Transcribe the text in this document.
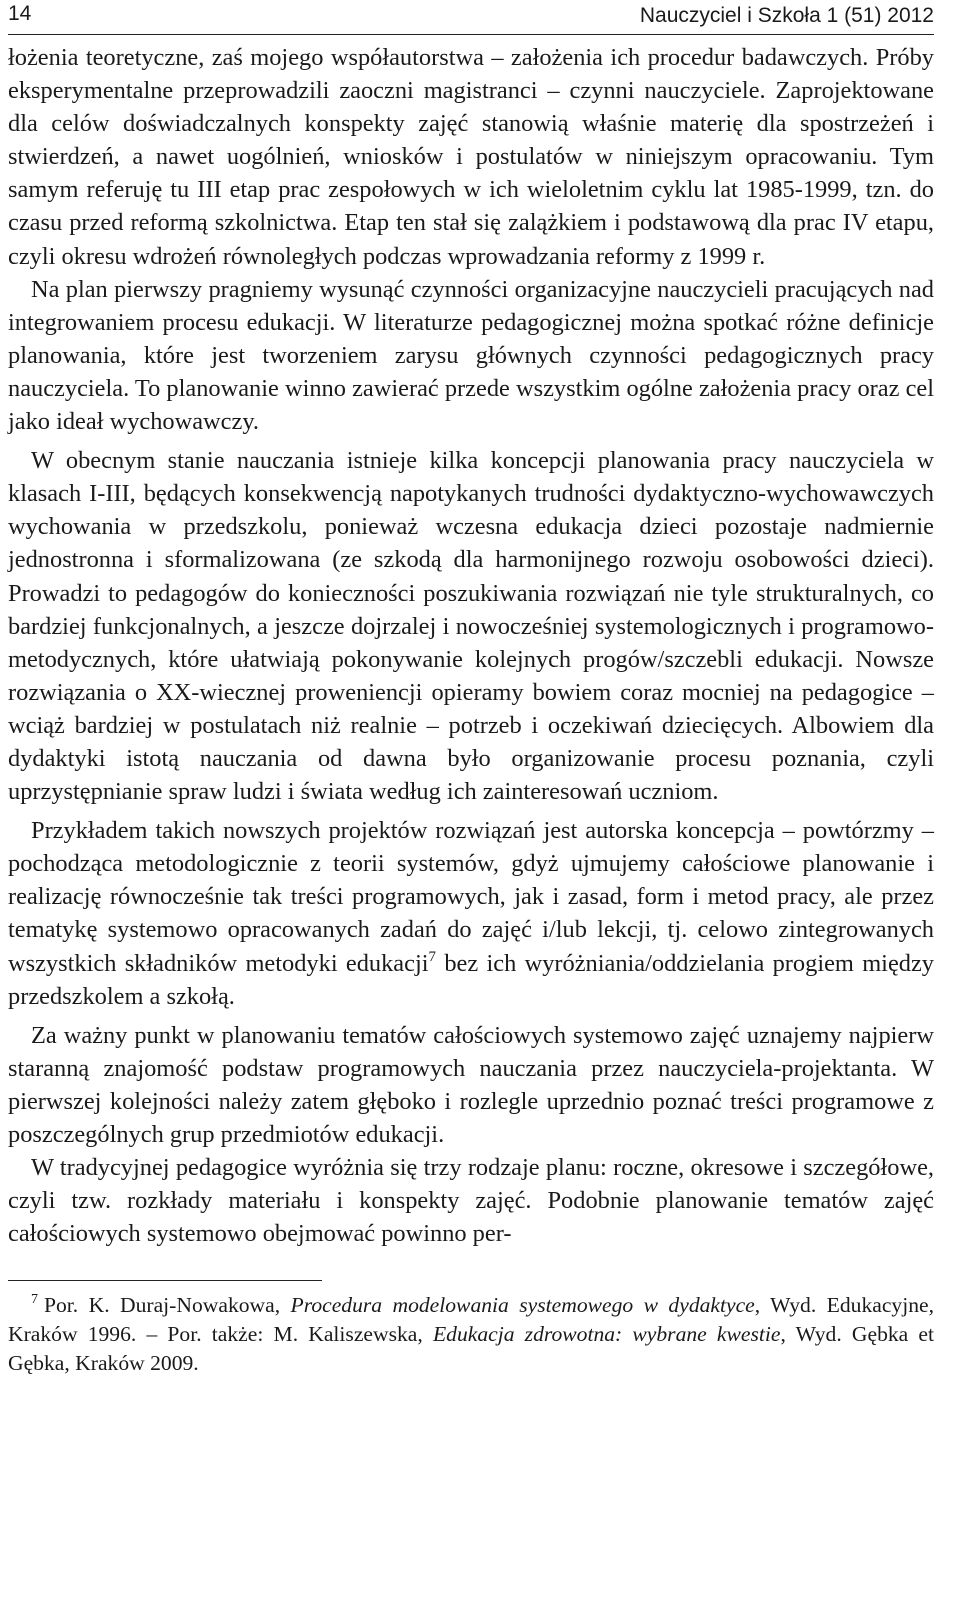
14	Nauczyciel i Szkoła 1 (51) 2012

łożenia teoretyczne, zaś mojego współautorstwa – założenia ich procedur badawczych. Próby eksperymentalne przeprowadzili zaoczni magistranci – czynni nauczyciele. Zaprojektowane dla celów doświadczalnych konspekty zajęć stanowią właśnie materię dla spostrzeżeń i stwierdzeń, a nawet uogólnień, wniosków i postulatów w niniejszym opracowaniu. Tym samym referuję tu III etap prac zespołowych w ich wieloletnim cyklu lat 1985-1999, tzn. do czasu przed reformą szkolnictwa. Etap ten stał się zalążkiem i podstawową dla prac IV etapu, czyli okresu wdrożeń równoległych podczas wprowadzania reformy z 1999 r.

Na plan pierwszy pragniemy wysunąć czynności organizacyjne nauczycieli pracujących nad integrowaniem procesu edukacji. W literaturze pedagogicznej można spotkać różne definicje planowania, które jest tworzeniem zarysu głównych czynności pedagogicznych pracy nauczyciela. To planowanie winno zawierać przede wszystkim ogólne założenia pracy oraz cel jako ideał wychowawczy.

W obecnym stanie nauczania istnieje kilka koncepcji planowania pracy nauczyciela w klasach I-III, będących konsekwencją napotykanych trudności dydaktyczno-wychowawczych wychowania w przedszkolu, ponieważ wczesna edukacja dzieci pozostaje nadmiernie jednostronna i sformalizowana (ze szkodą dla harmonijnego rozwoju osobowości dzieci). Prowadzi to pedagogów do konieczności poszukiwania rozwiązań nie tyle strukturalnych, co bardziej funkcjonalnych, a jeszcze dojrzalej i nowocześniej systemologicznych i programowo-metodycznych, które ułatwiają pokonywanie kolejnych progów/szczebli edukacji. Nowsze rozwiązania o XX-wiecznej proweniencji opieramy bowiem coraz mocniej na pedagogice – wciąż bardziej w postulatach niż realnie – potrzeb i oczekiwań dziecięcych. Albowiem dla dydaktyki istotą nauczania od dawna było organizowanie procesu poznania, czyli uprzystępnianie spraw ludzi i świata według ich zainteresowań uczniom.

Przykładem takich nowszych projektów rozwiązań jest autorska koncepcja – powtórzmy – pochodząca metodologicznie z teorii systemów, gdyż ujmujemy całościowe planowanie i realizację równocześnie tak treści programowych, jak i zasad, form i metod pracy, ale przez tematykę systemowo opracowanych zadań do zajęć i/lub lekcji, tj. celowo zintegrowanych wszystkich składników metodyki edukacji$^7$ bez ich wyróżniania/oddzielania progiem między przedszkolem a szkołą.

Za ważny punkt w planowaniu tematów całościowych systemowo zajęć uznajemy najpierw staranną znajomość podstaw programowych nauczania przez nauczyciela-projektanta. W pierwszej kolejności należy zatem głęboko i rozlegle uprzednio poznać treści programowe z poszczególnych grup przedmiotów edukacji.

W tradycyjnej pedagogice wyróżnia się trzy rodzaje planu: roczne, okresowe i szczegółowe, czyli tzw. rozkłady materiału i konspekty zajęć. Podobnie planowanie tematów zajęć całościowych systemowo obejmować powinno per-

$^7$ Por. K. Duraj-Nowakowa, Procedura modelowania systemowego w dydaktyce, Wyd. Edukacyjne, Kraków 1996. – Por. także: M. Kaliszewska, Edukacja zdrowotna: wybrane kwestie, Wyd. Gębka et Gębka, Kraków 2009.
